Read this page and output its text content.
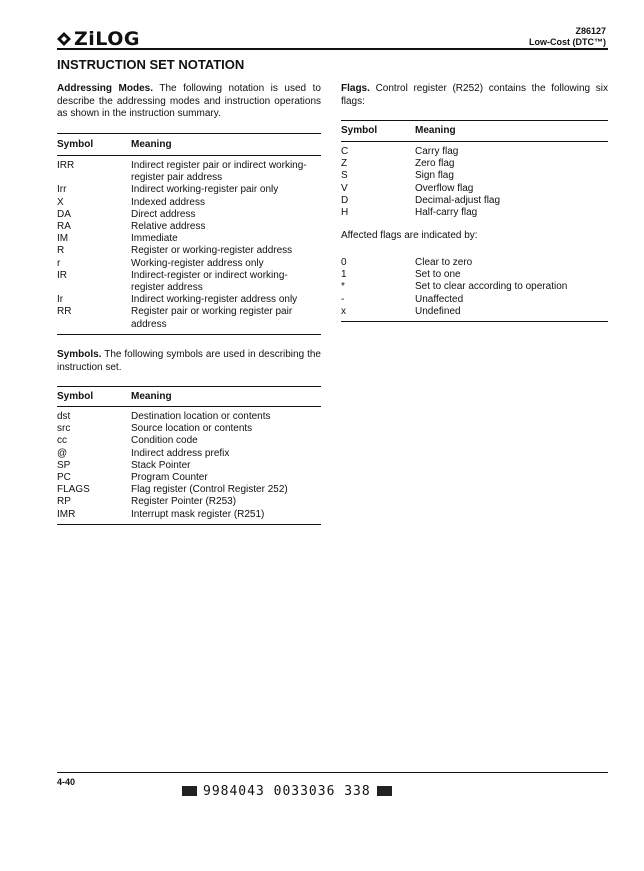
ZiLOG	Z86127
Low-Cost (DTC™)
INSTRUCTION SET NOTATION
Addressing Modes. The following notation is used to describe the addressing modes and instruction operations as shown in the instruction summary.
Symbol	Meaning
IRR	Indirect register pair or indirect working-register pair address
Irr	Indirect working-register pair only
X	Indexed address
DA	Direct address
RA	Relative address
IM	Immediate
R	Register or working-register address
r	Working-register address only
IR	Indirect-register or indirect working-register address
Ir	Indirect working-register address only
RR	Register pair or working register pair address
Symbols. The following symbols are used in describing the instruction set.
Symbol	Meaning
dst	Destination location or contents
src	Source location or contents
cc	Condition code
@	Indirect address prefix
SP	Stack Pointer
PC	Program Counter
FLAGS	Flag register (Control Register 252)
RP	Register Pointer (R253)
IMR	Interrupt mask register (R251)
Flags. Control register (R252) contains the following six flags:
Symbol	Meaning
C	Carry flag
Z	Zero flag
S	Sign flag
V	Overflow flag
D	Decimal-adjust flag
H	Half-carry flag
Affected flags are indicated by:
0	Clear to zero
1	Set to one
*	Set to clear according to operation
-	Unaffected
x	Undefined
4-40
9984043 0033036 338
